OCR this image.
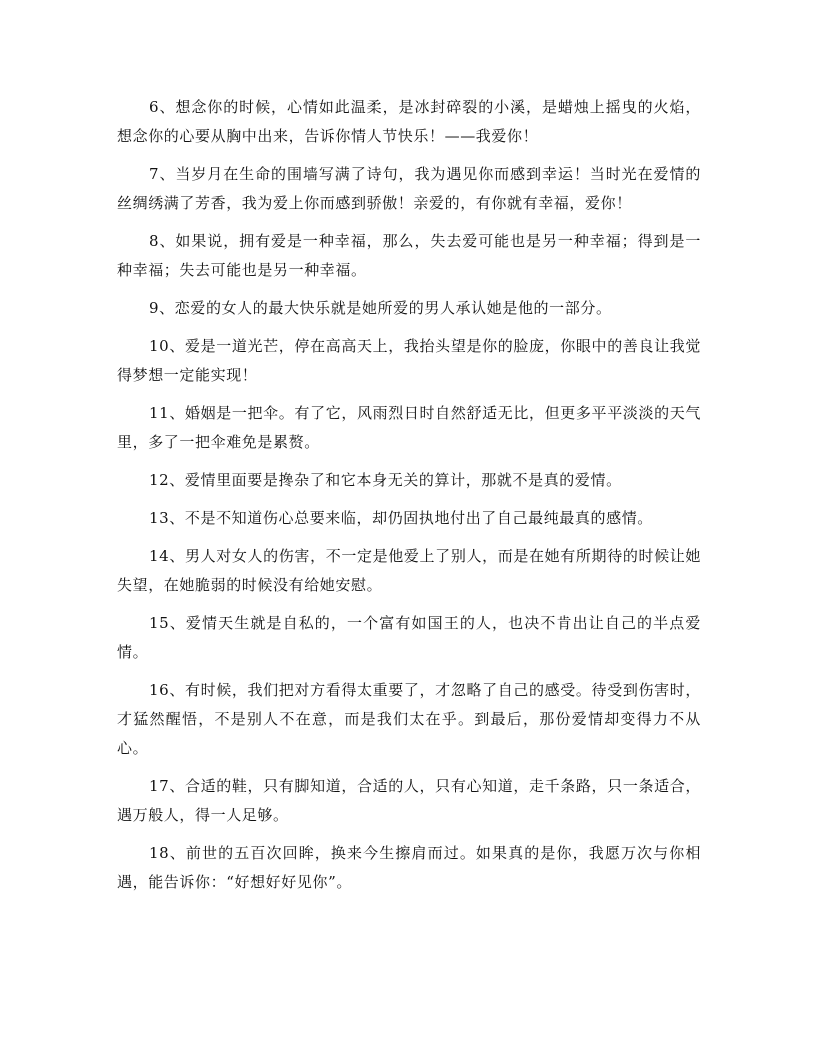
6、想念你的时候，心情如此温柔，是冰封碎裂的小溪，是蜡烛上摇曳的火焰，想念你的心要从胸中出来，告诉你情人节快乐！——我爱你！

7、当岁月在生命的围墙写满了诗句，我为遇见你而感到幸运！当时光在爱情的丝绸绣满了芳香，我为爱上你而感到骄傲！亲爱的，有你就有幸福，爱你！

8、如果说，拥有爱是一种幸福，那么，失去爱可能也是另一种幸福；得到是一种幸福；失去可能也是另一种幸福。

9、恋爱的女人的最大快乐就是她所爱的男人承认她是他的一部分。

10、爱是一道光芒，停在高高天上，我抬头望是你的脸庞，你眼中的善良让我觉得梦想一定能实现！

11、婚姻是一把伞。有了它，风雨烈日时自然舒适无比，但更多平平淡淡的天气里，多了一把伞难免是累赘。

12、爱情里面要是搀杂了和它本身无关的算计，那就不是真的爱情。

13、不是不知道伤心总要来临，却仍固执地付出了自己最纯最真的感情。

14、男人对女人的伤害，不一定是他爱上了别人，而是在她有所期待的时候让她失望，在她脆弱的时候没有给她安慰。

15、爱情天生就是自私的，一个富有如国王的人，也决不肯出让自己的半点爱情。

16、有时候，我们把对方看得太重要了，才忽略了自己的感受。待受到伤害时，才猛然醒悟，不是别人不在意，而是我们太在乎。到最后，那份爱情却变得力不从心。

17、合适的鞋，只有脚知道，合适的人，只有心知道，走千条路，只一条适合，遇万般人，得一人足够。

18、前世的五百次回眸，换来今生擦肩而过。如果真的是你，我愿万次与你相遇，能告诉你：“好想好好见你”。
